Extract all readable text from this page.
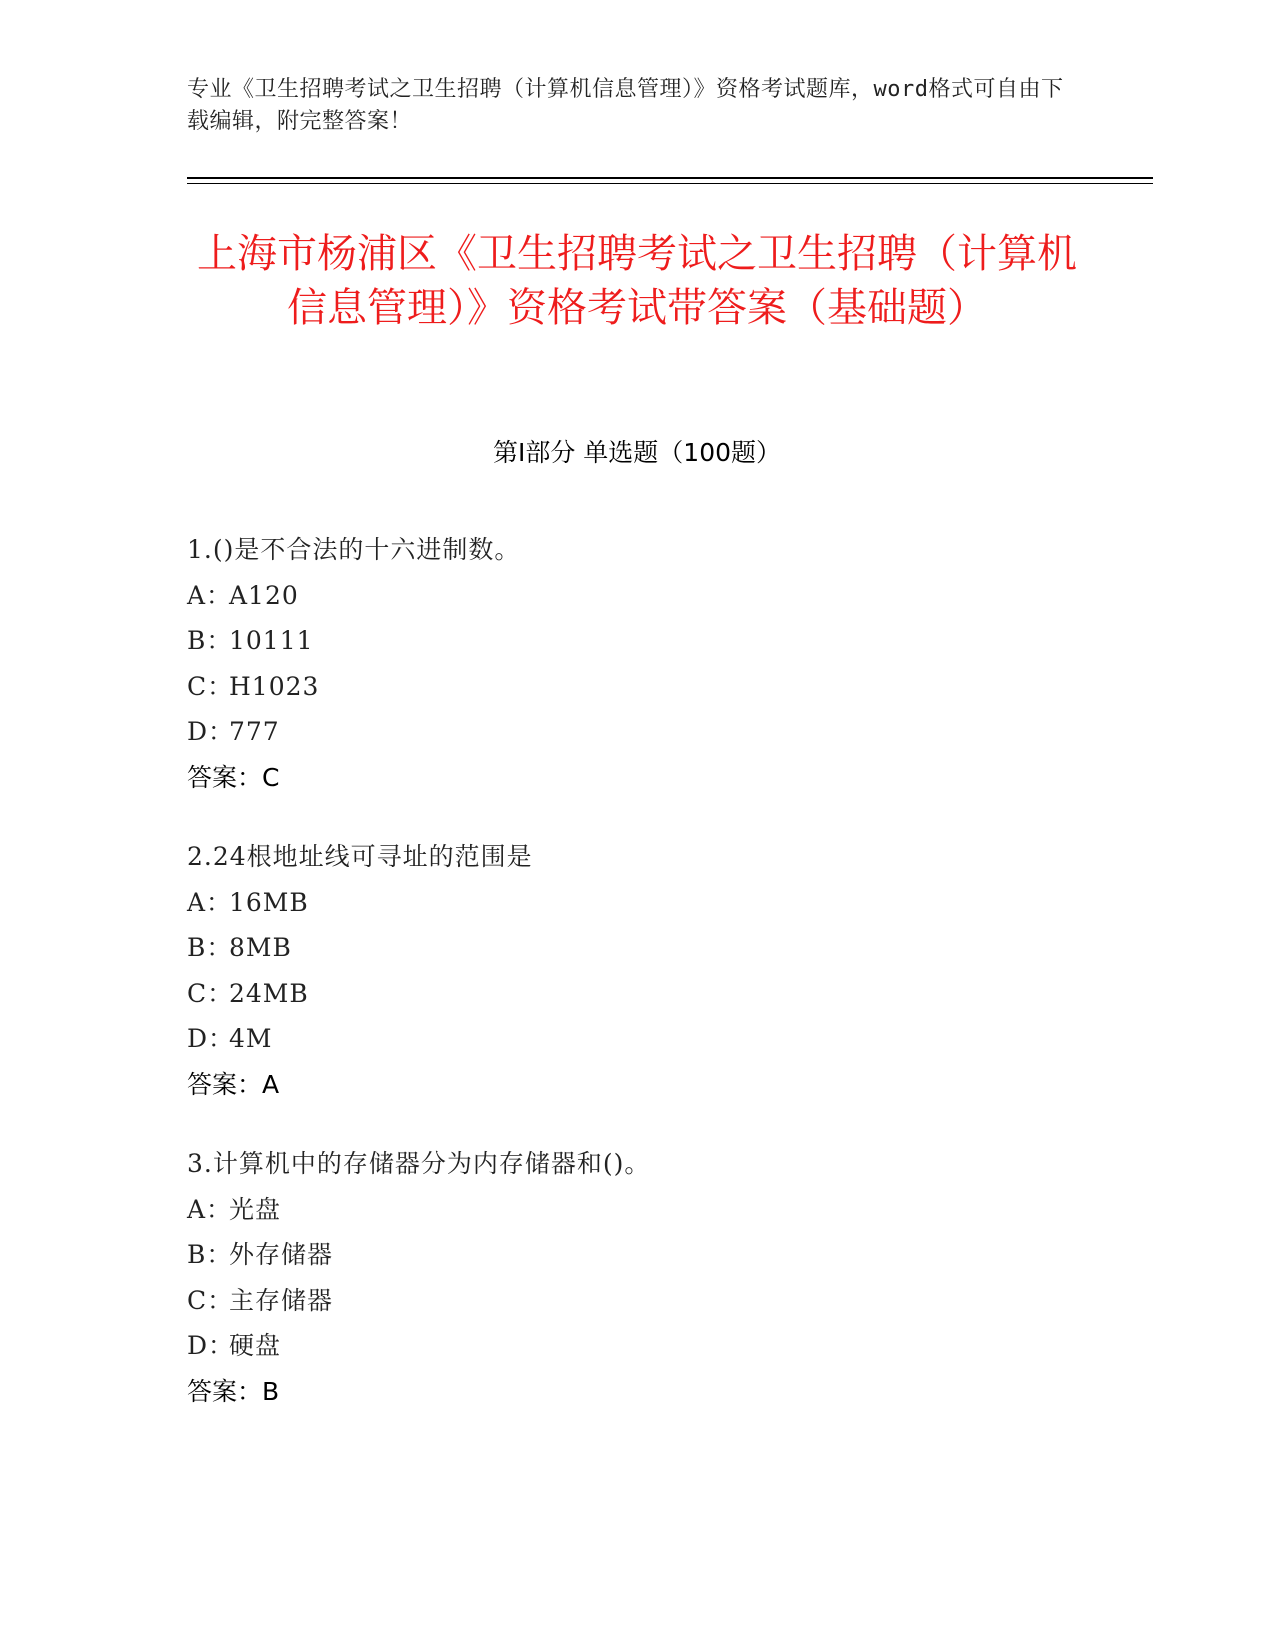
专业《卫生招聘考试之卫生招聘（计算机信息管理）》资格考试题库，word格式可自由下载编辑，附完整答案！
上海市杨浦区《卫生招聘考试之卫生招聘（计算机信息管理）》资格考试带答案（基础题）
第I部分 单选题（100题）
1.()是不合法的十六进制数。
A：A120
B：10111
C：H1023
D：777
答案：C
2.24根地址线可寻址的范围是
A：16MB
B：8MB
C：24MB
D：4M
答案：A
3.计算机中的存储器分为内存储器和()。
A：光盘
B：外存储器
C：主存储器
D：硬盘
答案：B
